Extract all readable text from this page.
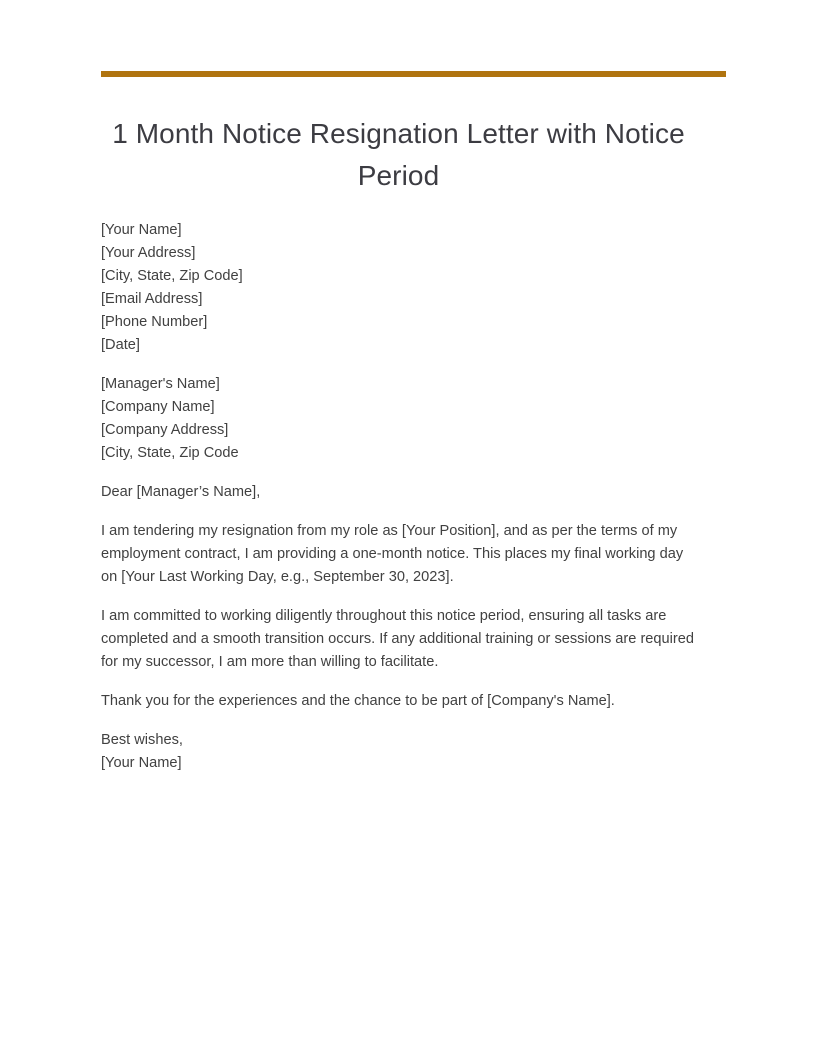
1 Month Notice Resignation Letter with Notice Period
[Your Name]
[Your Address]
[City, State, Zip Code]
[Email Address]
[Phone Number]
[Date]
[Manager's Name]
[Company Name]
[Company Address]
[City, State, Zip Code

Dear [Manager’s Name],

I am tendering my resignation from my role as [Your Position], and as per the terms of my employment contract, I am providing a one-month notice. This places my final working day on [Your Last Working Day, e.g., September 30, 2023].

I am committed to working diligently throughout this notice period, ensuring all tasks are completed and a smooth transition occurs. If any additional training or sessions are required for my successor, I am more than willing to facilitate.

Thank you for the experiences and the chance to be part of [Company's Name].

Best wishes,
[Your Name]
